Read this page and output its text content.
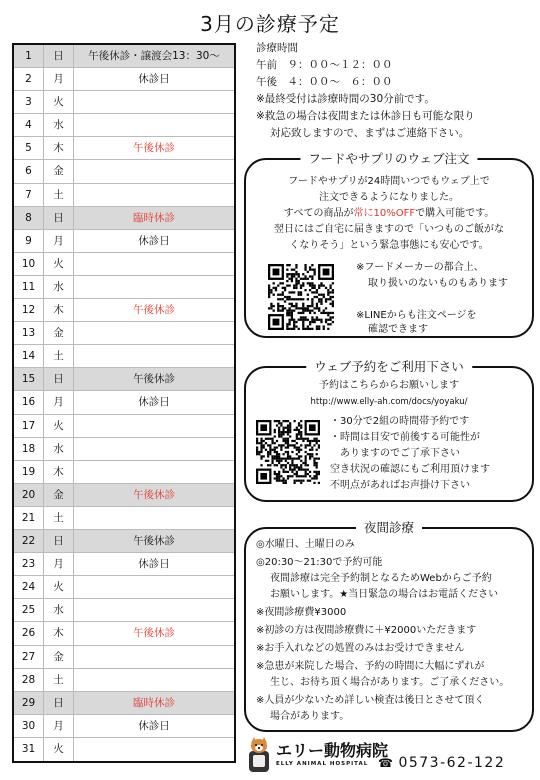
3月の診療予定
1	日	午後休診・譲渡会13：30〜
2	月	休診日
3	火
4	水
5	木	午後休診
6	金
7	土
8	日	臨時休診
9	月	休診日
10	火
11	水
12	木	午後休診
13	金
14	土
15	日	午後休診
16	月	休診日
17	火
18	水
19	木
20	金	午後休診
21	土
22	日	午後休診
23	月	休診日
24	火
25	水
26	木	午後休診
27	金
28	土
29	日	臨時休診
30	月	休診日
31	火
診療時間
午前　９：００〜１２：００
午後　４：００〜　６：００
※最終受付は診療時間の30分前です。
※救急の場合は夜間または休診日も可能な限り
対応致しますので、まずはご連絡下さい。
フードやサプリのウェブ注文
フードやサプリが24時間いつでもウェブ上で
注文できるようになりました。
すべての商品が常に10%OFFで購入可能です。
翌日にはご自宅に届きますので「いつものご飯がな
くなりそう」という緊急事態にも安心です。
※フードメーカーの都合上、
取り扱いのないものもあります
※LINEからも注文ページを
確認できます
ウェブ予約をご利用下さい
予約はこちらからお願いします
http://www.elly-ah.com/docs/yoyaku/
・30分で2組の時間帯予約です
・時間は目安で前後する可能性が
ありますのでご了承下さい
空き状況の確認にもご利用頂けます
不明点があればお声掛け下さい
夜間診療
◎水曜日、土曜日のみ
◎20:30〜21:30で予約可能
夜間診療は完全予約制となるためWebからご予約
お願いします。★当日緊急の場合はお電話ください
※夜間診療費¥3000
※初診の方は夜間診療費に＋¥2000いただきます
※お手入れなどの処置のみはお受けできません
※急患が来院した場合、予約の時間に大幅にずれが
生じ、お待ち頂く場合があります。ご了承ください。
※人員が少ないため詳しい検査は後日とさせて頂く
場合があります。
エリー動物病院
ELLY ANIMAL HOSPITAL ☎ 0573-62-122
